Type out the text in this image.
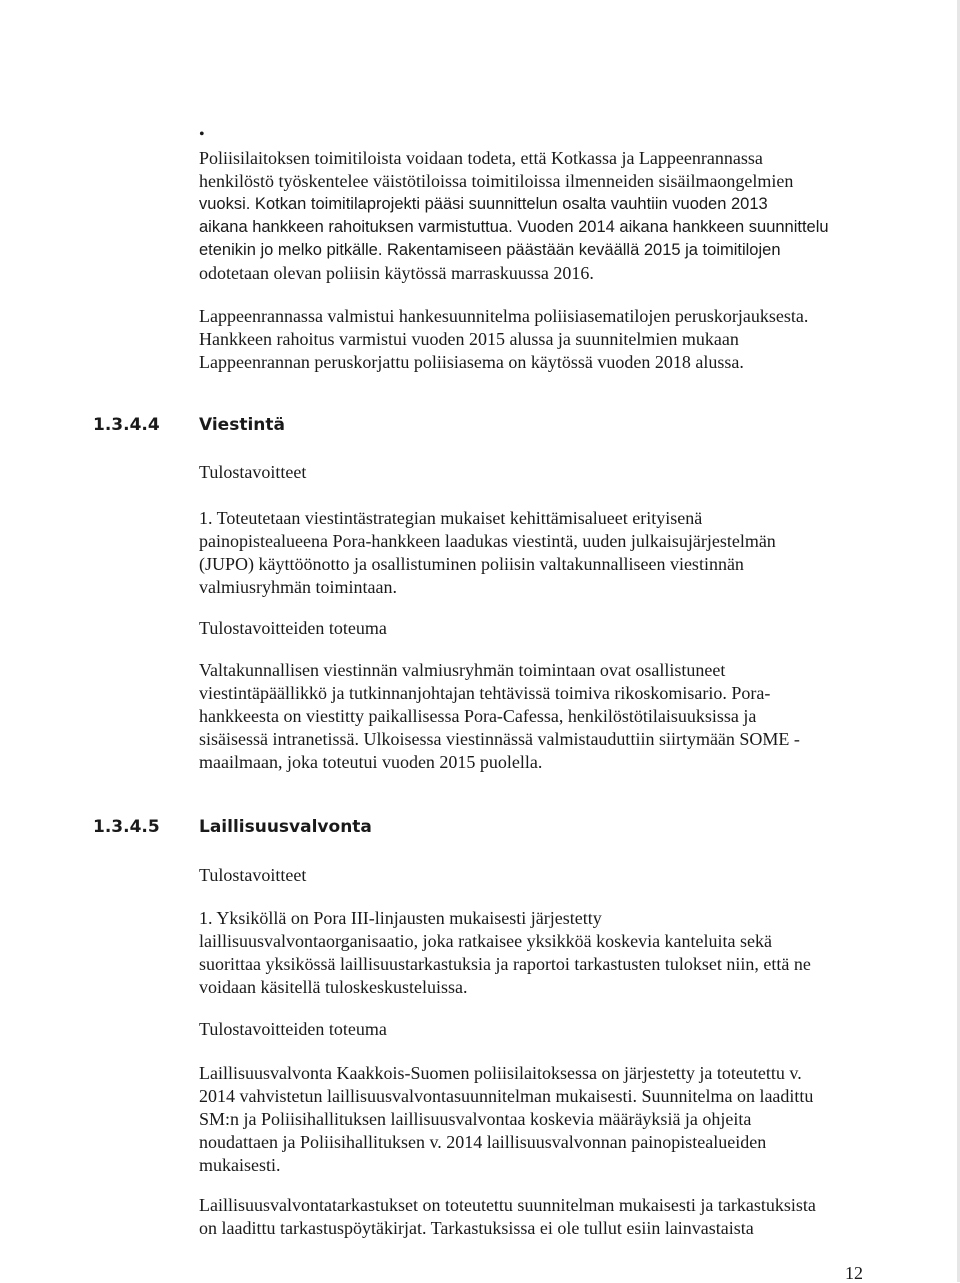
•

Poliisilaitoksen toimitiloista voidaan todeta, että Kotkassa ja Lappeenrannassa
henkilöstö työskentelee väistötiloissa toimitiloissa ilmenneiden sisäilmaongelmien
vuoksi. Kotkan toimitilaprojekti pääsi suunnittelun osalta vauhtiin vuoden 2013
aikana hankkeen rahoituksen varmistuttua. Vuoden 2014 aikana hankkeen suunnittelu
etenikin jo melko pitkälle. Rakentamiseen päästään keväällä 2015 ja toimitilojen
odotetaan olevan poliisin käytössä marraskuussa 2016.

Lappeenrannassa valmistui hankesuunnitelma poliisiasematilojen peruskorjauksesta.
Hankkeen rahoitus varmistui vuoden 2015 alussa ja suunnitelmien mukaan
Lappeenrannan peruskorjattu poliisiasema on käytössä vuoden 2018 alussa.

1.3.4.4 Viestintä

Tulostavoitteet

1. Toteutetaan viestintästrategian mukaiset kehittämisalueet erityisenä
painopistealueena Pora-hankkeen laadukas viestintä, uuden julkaisujärjestelmän
(JUPO) käyttöönotto ja osallistuminen poliisin valtakunnalliseen viestinnän
valmiusryhmän toimintaan.

Tulostavoitteiden toteuma

Valtakunnallisen viestinnän valmiusryhmän toimintaan ovat osallistuneet
viestintäpäällikkö ja tutkinnanjohtajan tehtävissä toimiva rikoskomisario. Pora-
hankkeesta on viestitty paikallisessa Pora-Cafessa, henkilöstötilaisuuksissa ja
sisäisessä intranetissä. Ulkoisessa viestinnässä valmistauduttiin siirtymään SOME -
maailmaan, joka toteutui vuoden 2015 puolella.

1.3.4.5 Laillisuusvalvonta

Tulostavoitteet

1. Yksiköllä on Pora III-linjausten mukaisesti järjestetty
laillisuusvalvontaorganisaatio, joka ratkaisee yksikköä koskevia kanteluita sekä
suorittaa yksikössä laillisuustarkastuksia ja raportoi tarkastusten tulokset niin, että ne
voidaan käsitellä tuloskeskusteluissa.

Tulostavoitteiden toteuma

Laillisuusvalvonta Kaakkois-Suomen poliisilaitoksessa on järjestetty ja toteutettu v.
2014 vahvistetun laillisuusvalvontasuunnitelman mukaisesti. Suunnitelma on laadittu
SM:n ja Poliisihallituksen laillisuusvalvontaa koskevia määräyksiä ja ohjeita
noudattaen ja Poliisihallituksen v. 2014 laillisuusvalvonnan painopistealueiden
mukaisesti.

Laillisuusvalvontatarkastukset on toteutettu suunnitelman mukaisesti ja tarkastuksista
on laadittu tarkastuspöytäkirjat. Tarkastuksissa ei ole tullut esiin lainvastaista

12
